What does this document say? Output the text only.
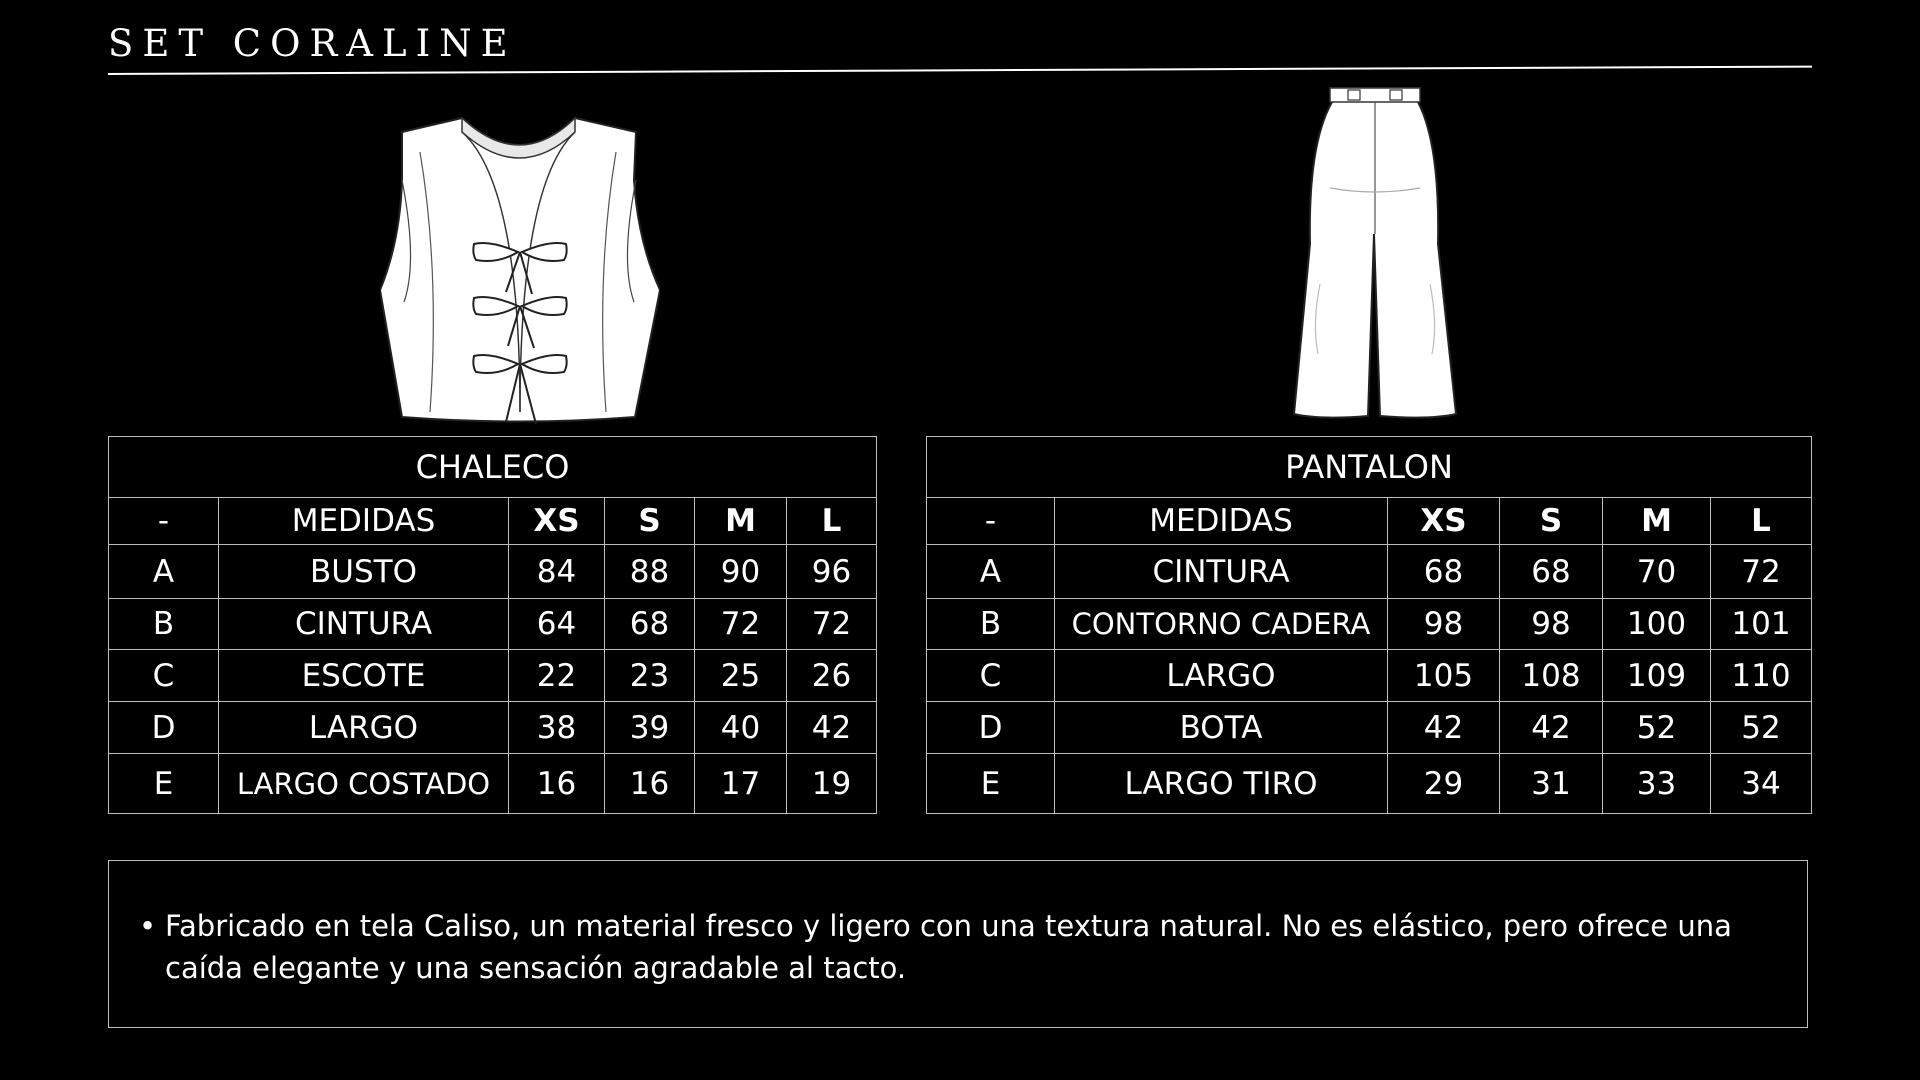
SET CORALINE
CHALECO					
-	MEDIDAS	XS	S	M	L
A	BUSTO	84	88	90	96
B	CINTURA	64	68	72	72
C	ESCOTE	22	23	25	26
D	LARGO	38	39	40	42
E	LARGO COSTADO	16	16	17	19
PANTALON					
-	MEDIDAS	XS	S	M	L
A	CINTURA	68	68	70	72
B	CONTORNO CADERA	98	98	100	101
C	LARGO	105	108	109	110
D	BOTA	42	42	52	52
E	LARGO TIRO	29	31	33	34
• Fabricado en tela Caliso, un material fresco y ligero con una textura natural. No es elástico, pero ofrece una caída elegante y una sensación agradable al tacto.
